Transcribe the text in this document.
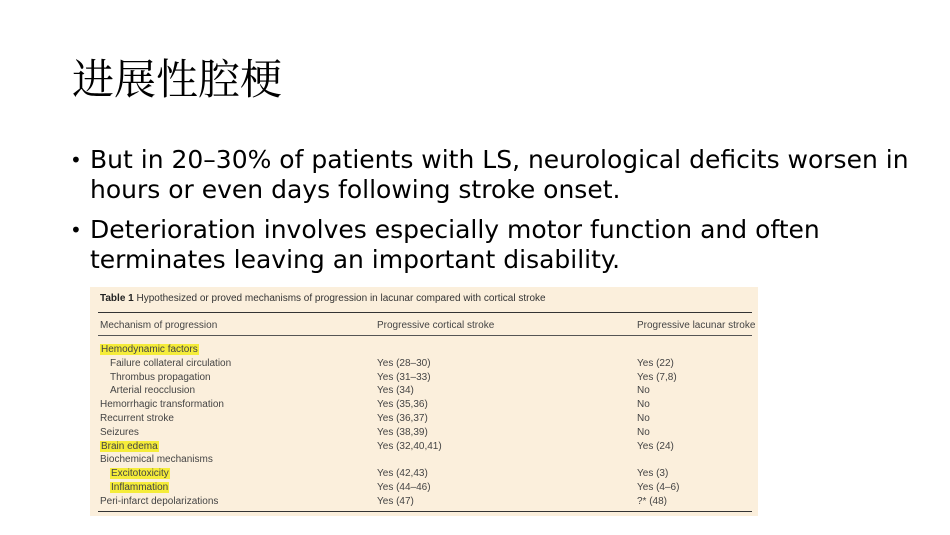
进展性腔梗
• But in 20–30% of patients with LS, neurological deficits worsen in hours or even days following stroke onset.
• Deterioration involves especially motor function and often terminates leaving an important disability.
Table 1 Hypothesized or proved mechanisms of progression in lacunar compared with cortical stroke
Mechanism of progression	Progressive cortical stroke	Progressive lacunar stroke
Hemodynamic factors
Failure collateral circulation	Yes (28–30)	Yes (22)
Thrombus propagation	Yes (31–33)	Yes (7,8)
Arterial reocclusion	Yes (34)	No
Hemorrhagic transformation	Yes (35,36)	No
Recurrent stroke	Yes (36,37)	No
Seizures	Yes (38,39)	No
Brain edema	Yes (32,40,41)	Yes (24)
Biochemical mechanisms
Excitotoxicity	Yes (42,43)	Yes (3)
Inflammation	Yes (44–46)	Yes (4–6)
Peri-infarct depolarizations	Yes (47)	?* (48)
